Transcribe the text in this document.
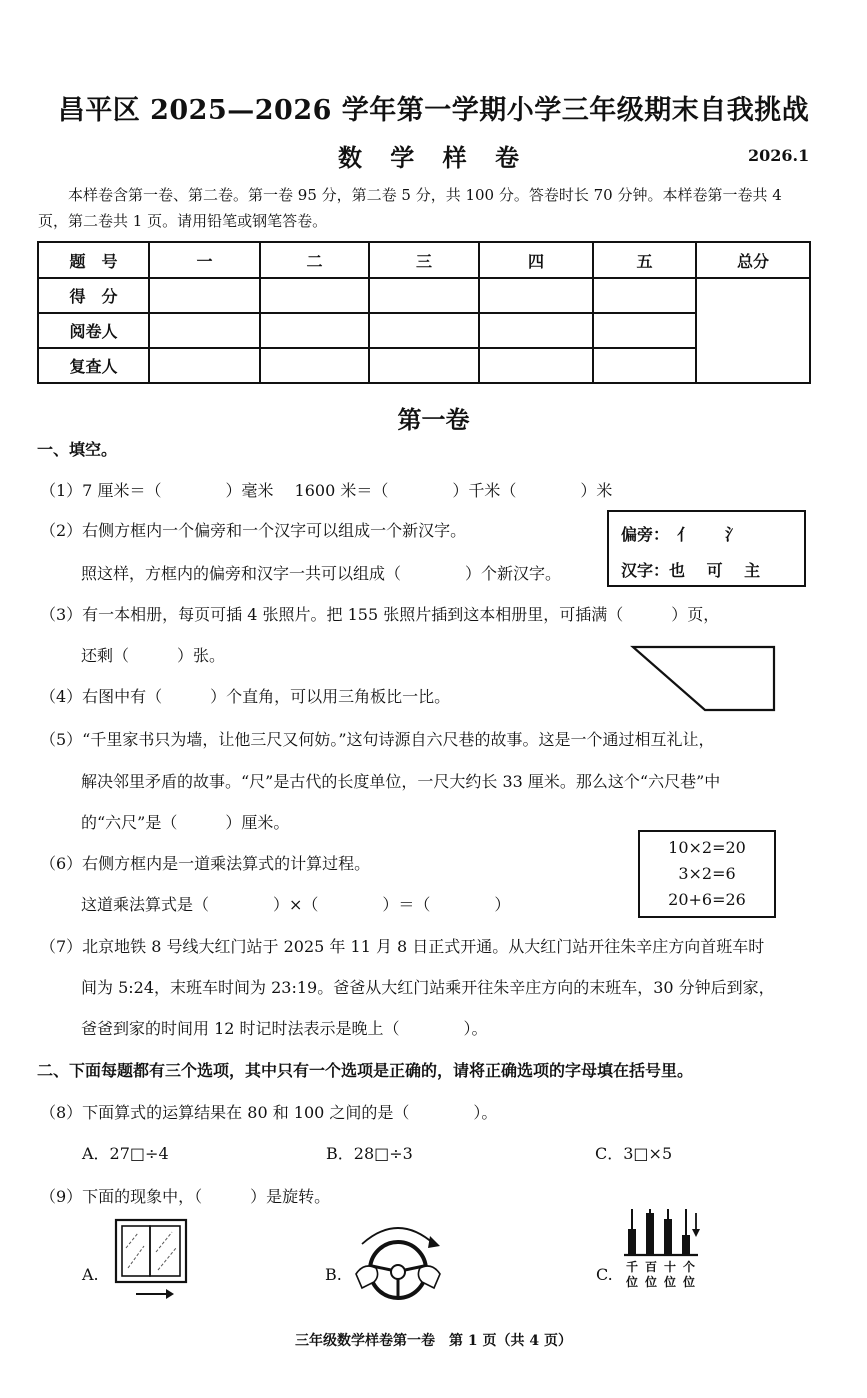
昌平区 2025—2026 学年第一学期小学三年级期末自我挑战
数 学 样 卷	2026.1
本样卷含第一卷、第二卷。第一卷 95 分，第二卷 5 分，共 100 分。答卷时长 70 分钟。本样卷第一卷共 4 页，第二卷共 1 页。请用铅笔或钢笔答卷。
题　号	一	二	三	四	五	总分
得　分						
阅卷人						
复查人						
第一卷
一、填空。
（1）7 厘米＝（　　　　）毫米　 1600 米＝（　　　　）千米（　　　　）米
（2）右侧方框内一个偏旁和一个汉字可以组成一个新汉字。
照这样，方框内的偏旁和汉字一共可以组成（　　　　）个新汉字。
偏旁：　亻　　氵
汉字：也　 可　 主
（3）有一本相册，每页可插 4 张照片。把 155 张照片插到这本相册里，可插满（　　　）页，
还剩（　　　）张。
（4）右图中有（　　　）个直角，可以用三角板比一比。
（5）“千里家书只为墙，让他三尺又何妨。”这句诗源自六尺巷的故事。这是一个通过相互礼让，
解决邻里矛盾的故事。“尺”是古代的长度单位，一尺大约长 33 厘米。那么这个“六尺巷”中
的“六尺”是（　　　）厘米。
（6）右侧方框内是一道乘法算式的计算过程。
这道乘法算式是（　　　　）×（　　　　）＝（　　　　）
10×2=20
3×2=6
20+6=26
（7）北京地铁 8 号线大红门站于 2025 年 11 月 8 日正式开通。从大红门站开往朱辛庄方向首班车时
间为 5:24，末班车时间为 23:19。爸爸从大红门站乘开往朱辛庄方向的末班车，30 分钟后到家，
爸爸到家的时间用 12 时记时法表示是晚上（　　　　）。
二、下面每题都有三个选项，其中只有一个选项是正确的，请将正确选项的字母填在括号里。
（8）下面算式的运算结果在 80 和 100 之间的是（　　　　）。
A．27□÷4	B．28□÷3	C．3□×5
（9）下面的现象中，（　　　）是旋转。
A.	B.	C. 千百十个
位位位位
三年级数学样卷第一卷　第 1 页（共 4 页）
